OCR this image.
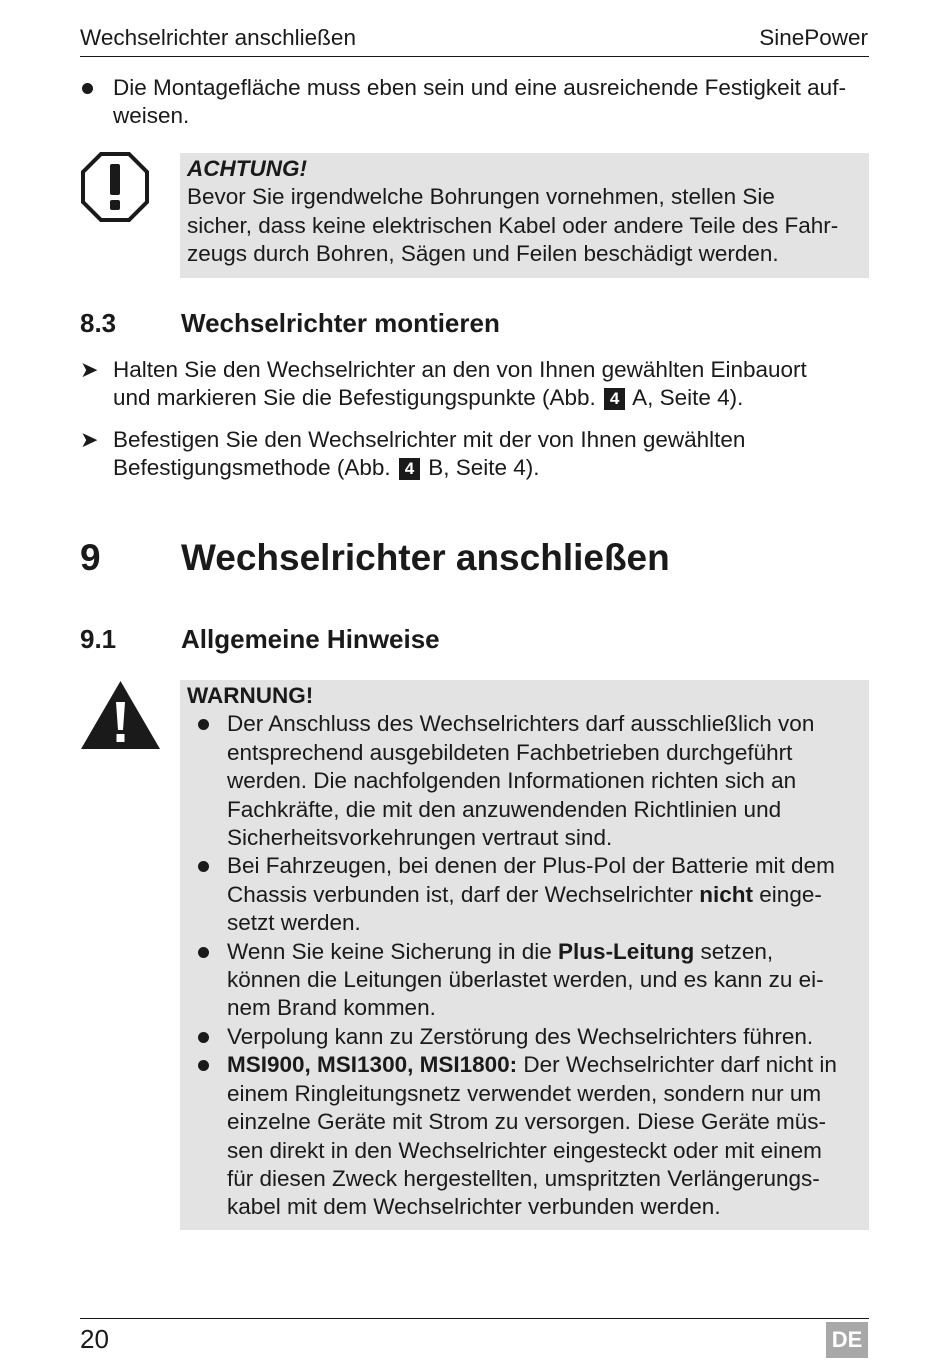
Wechselrichter anschließen	SinePower
Die Montagefläche muss eben sein und eine ausreichende Festigkeit auf-
weisen.
ACHTUNG!
Bevor Sie irgendwelche Bohrungen vornehmen, stellen Sie
sicher, dass keine elektrischen Kabel oder andere Teile des Fahr-
zeugs durch Bohren, Sägen und Feilen beschädigt werden.
8.3 Wechselrichter montieren
➤ Halten Sie den Wechselrichter an den von Ihnen gewählten Einbauort
und markieren Sie die Befestigungspunkte (Abb. 4 A, Seite 4).
➤ Befestigen Sie den Wechselrichter mit der von Ihnen gewählten
Befestigungsmethode (Abb. 4 B, Seite 4).
9 Wechselrichter anschließen
9.1 Allgemeine Hinweise
WARNUNG!
Der Anschluss des Wechselrichters darf ausschließlich von
entsprechend ausgebildeten Fachbetrieben durchgeführt
werden. Die nachfolgenden Informationen richten sich an
Fachkräfte, die mit den anzuwendenden Richtlinien und
Sicherheitsvorkehrungen vertraut sind.
Bei Fahrzeugen, bei denen der Plus-Pol der Batterie mit dem
Chassis verbunden ist, darf der Wechselrichter nicht einge-
setzt werden.
Wenn Sie keine Sicherung in die Plus-Leitung setzen,
können die Leitungen überlastet werden, und es kann zu ei-
nem Brand kommen.
Verpolung kann zu Zerstörung des Wechselrichters führen.
MSI900, MSI1300, MSI1800: Der Wechselrichter darf nicht in
einem Ringleitungsnetz verwendet werden, sondern nur um
einzelne Geräte mit Strom zu versorgen. Diese Geräte müs-
sen direkt in den Wechselrichter eingesteckt oder mit einem
für diesen Zweck hergestellten, umspritzten Verlängerungs-
kabel mit dem Wechselrichter verbunden werden.
20	DE
